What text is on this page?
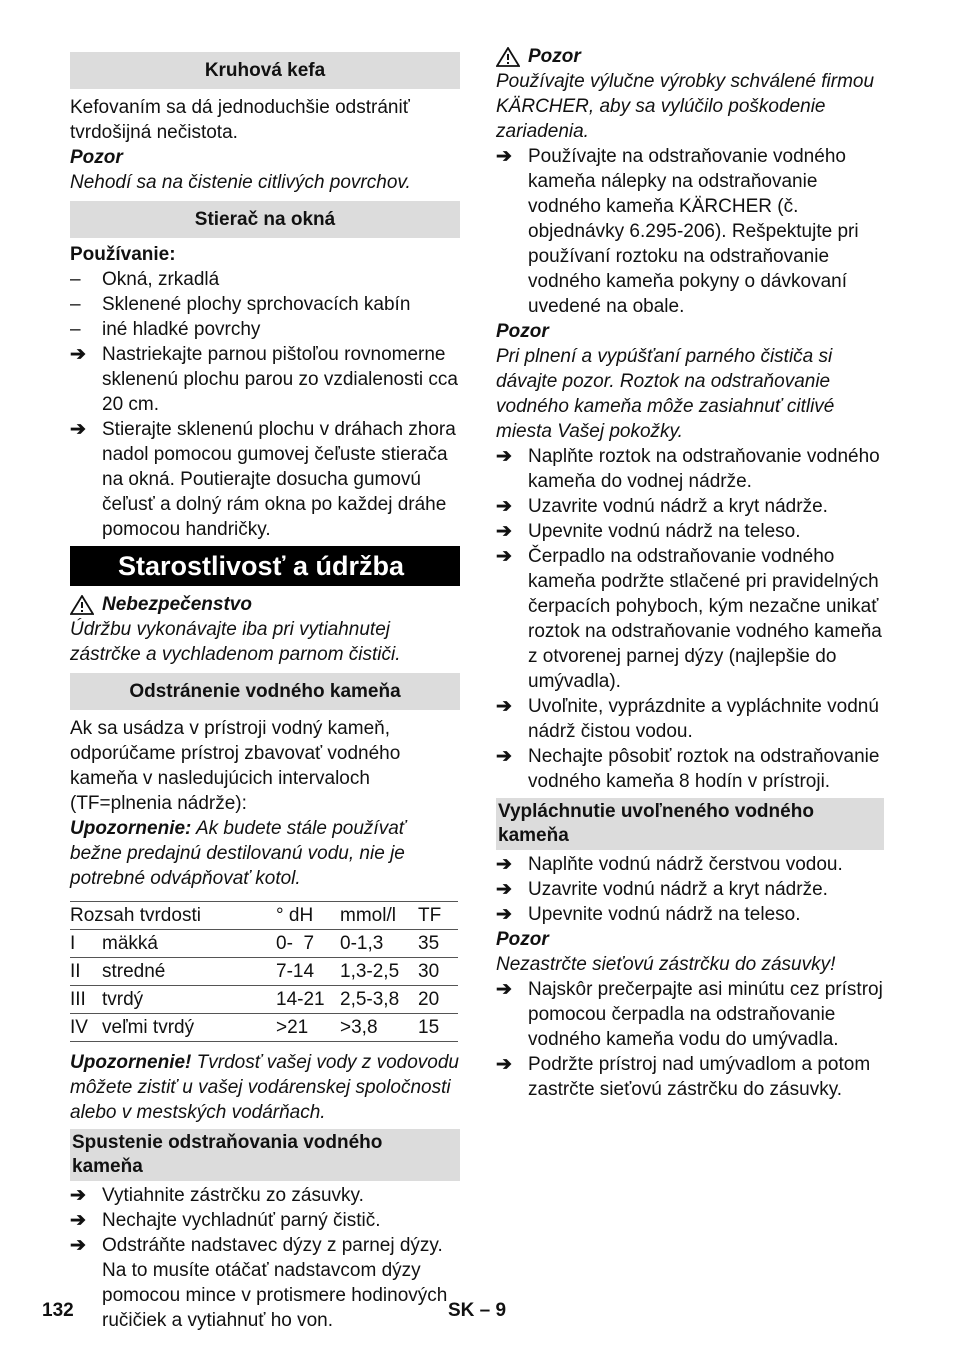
Kruhová kefa

Kefovaním sa dá jednoduchšie odstrániť tvrdošijná nečistota.

Pozor

Nehodí sa na čistenie citlivých povrchov.

Stierač na okná

Používanie:

–	Okná, zrkadlá
–	Sklenené plochy sprchovacích kabín
–	iné hladké povrchy
➔ Nastriekajte parnou pištoľou rovnomerne sklenenú plochu parou zo vzdialenosti cca 20 cm.
➔ Stierajte sklenenú plochu v dráhach zhora nadol pomocou gumovej čeľuste stierača na okná. Poutierajte dosucha gumovú čeľusť a dolný rám okna po každej dráhe pomocou handričky.
Starostlivosť a údržba
Nebezpečenstvo

Údržbu vykonávajte iba pri vytiahnutej zástrčke a vychladenom parnom čističi.

Odstránenie vodného kameňa

Ak sa usádza v prístroji vodný kameň, odporúčame prístroj zbavovať vodného kameňa v nasledujúcich intervaloch (TF=plnenia nádrže):

Upozornenie: Ak budete stále používať bežne predajnú destilovanú vodu, nie je potrebné odvápňovať kotol.

Rozsah tvrdosti		° dH	mmol/l	TF
I	mäkká	0-  7	0-1,3	35
II	stredné	7-14	1,3-2,5	30
III	tvrdý	14-21	2,5-3,8	20
IV	veľmi tvrdý	>21	>3,8	15

Upozornenie! Tvrdosť vašej vody z vodovodu môžete zistiť u vašej vodárenskej spoločnosti alebo v mestských vodárňach.

Spustenie odstraňovania vodného kameňa
➔ Vytiahnite zástrčku zo zásuvky.
➔ Nechajte vychladnúť parný čistič.
➔ Odstráňte nadstavec dýzy z parnej dýzy. Na to musíte otáčať nadstavcom dýzy pomocou mince v protismere hodinových ručičiek a vytiahnuť ho von.
Pozor

Používajte výlučne výrobky schválené firmou KÄRCHER, aby sa vylúčilo poškodenie zariadenia.

➔ Používajte na odstraňovanie vodného kameňa nálepky na odstraňovanie vodného kameňa KÄRCHER (č. objednávky 6.295-206). Rešpektujte pri používaní roztoku na odstraňovanie vodného kameňa pokyny o dávkovaní uvedené na obale.

Pozor

Pri plnení a vypúšťaní parného čističa si dávajte pozor. Roztok na odstraňovanie vodného kameňa môže zasiahnuť citlivé miesta Vašej pokožky.

➔ Naplňte roztok na odstraňovanie vodného kameňa do vodnej nádrže.
➔ Uzavrite vodnú nádrž a kryt nádrže.
➔ Upevnite vodnú nádrž na teleso.
➔ Čerpadlo na odstraňovanie vodného kameňa podržte stlačené pri pravidelných čerpacích pohyboch, kým nezačne unikať roztok na odstraňovanie vodného kameňa z otvorenej parnej dýzy (najlepšie do umývadla).
➔ Uvoľnite, vyprázdnite a vypláchnite vodnú nádrž čistou vodou.
➔ Nechajte pôsobiť roztok na odstraňovanie vodného kameňa 8 hodín v prístroji.
Vypláchnutie uvoľneného vodného kameňa
➔ Naplňte vodnú nádrž čerstvou vodou.
➔ Uzavrite vodnú nádrž a kryt nádrže.
➔ Upevnite vodnú nádrž na teleso.

Pozor

Nezastrčte sieťovú zástrčku do zásuvky!

➔ Najskôr prečerpajte asi minútu cez prístroj pomocou čerpadla na odstraňovanie vodného kameňa vodu do umývadla.
➔ Podržte prístroj nad umývadlom a potom zastrčte sieťovú zástrčku do zásuvky.
132	SK – 9
